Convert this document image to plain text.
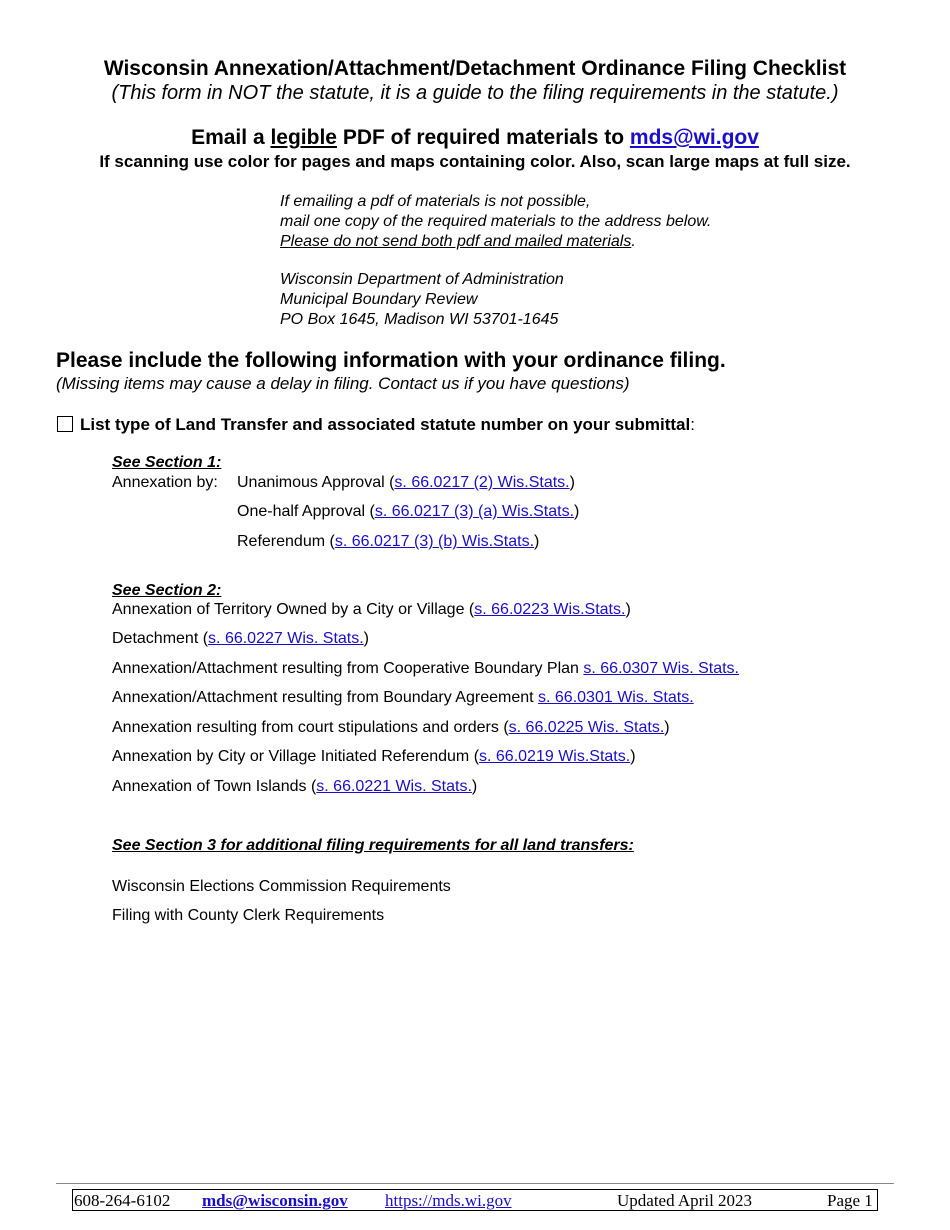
Wisconsin Annexation/Attachment/Detachment Ordinance Filing Checklist
(This form in NOT the statute, it is a guide to the filing requirements in the statute.)
Email a legible PDF of required materials to mds@wi.gov
If scanning use color for pages and maps containing color. Also, scan large maps at full size.
If emailing a pdf of materials is not possible,
mail one copy of the required materials to the address below.
Please do not send both pdf and mailed materials.
Wisconsin Department of Administration
Municipal Boundary Review
PO Box 1645, Madison WI 53701-1645
Please include the following information with your ordinance filing.
(Missing items may cause a delay in filing. Contact us if you have questions)
List type of Land Transfer and associated statute number on your submittal:
See Section 1:
Annexation by: Unanimous Approval (s. 66.0217 (2) Wis.Stats.)
One-half Approval (s. 66.0217 (3) (a) Wis.Stats.)
Referendum (s. 66.0217 (3) (b) Wis.Stats.)
See Section 2:
Annexation of Territory Owned by a City or Village (s. 66.0223 Wis.Stats.)
Detachment (s. 66.0227 Wis. Stats.)
Annexation/Attachment resulting from Cooperative Boundary Plan s. 66.0307 Wis. Stats.
Annexation/Attachment resulting from Boundary Agreement s. 66.0301 Wis. Stats.
Annexation resulting from court stipulations and orders (s. 66.0225 Wis. Stats.)
Annexation by City or Village Initiated Referendum (s. 66.0219 Wis.Stats.)
Annexation of Town Islands (s. 66.0221 Wis. Stats.)
See Section 3 for additional filing requirements for all land transfers:
Wisconsin Elections Commission Requirements
Filing with County Clerk Requirements
608-264-6102 mds@wisconsin.gov https://mds.wi.gov	Updated April 2023	Page 1
